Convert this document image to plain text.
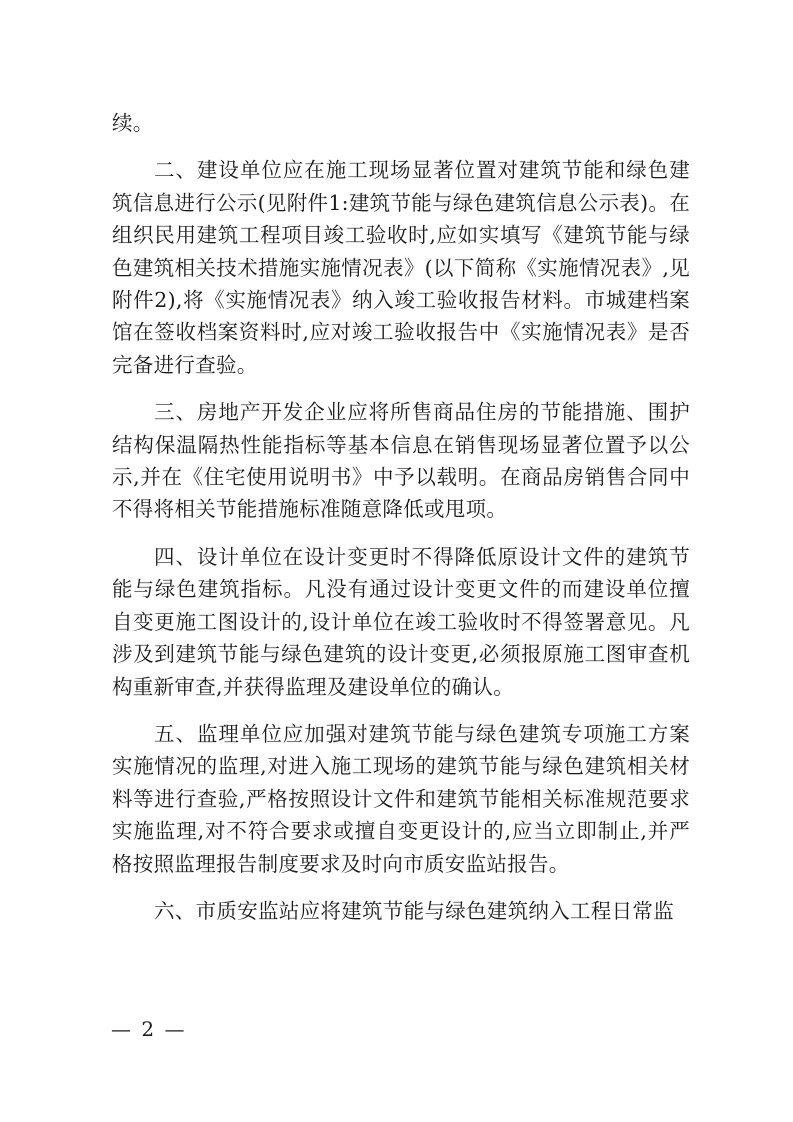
续。

二、建设单位应在施工现场显著位置对建筑节能和绿色建筑信息进行公示(见附件1:建筑节能与绿色建筑信息公示表)。在组织民用建筑工程项目竣工验收时,应如实填写《建筑节能与绿色建筑相关技术措施实施情况表》(以下简称《实施情况表》,见附件2),将《实施情况表》纳入竣工验收报告材料。市城建档案馆在签收档案资料时,应对竣工验收报告中《实施情况表》是否完备进行查验。

三、房地产开发企业应将所售商品住房的节能措施、围护结构保温隔热性能指标等基本信息在销售现场显著位置予以公示,并在《住宅使用说明书》中予以载明。在商品房销售合同中不得将相关节能措施标准随意降低或甩项。

四、设计单位在设计变更时不得降低原设计文件的建筑节能与绿色建筑指标。凡没有通过设计变更文件的而建设单位擅自变更施工图设计的,设计单位在竣工验收时不得签署意见。凡涉及到建筑节能与绿色建筑的设计变更,必须报原施工图审查机构重新审查,并获得监理及建设单位的确认。

五、监理单位应加强对建筑节能与绿色建筑专项施工方案实施情况的监理,对进入施工现场的建筑节能与绿色建筑相关材料等进行查验,严格按照设计文件和建筑节能相关标准规范要求实施监理,对不符合要求或擅自变更设计的,应当立即制止,并严格按照监理报告制度要求及时向市质安监站报告。

六、市质安监站应将建筑节能与绿色建筑纳入工程日常监

— 2 —
